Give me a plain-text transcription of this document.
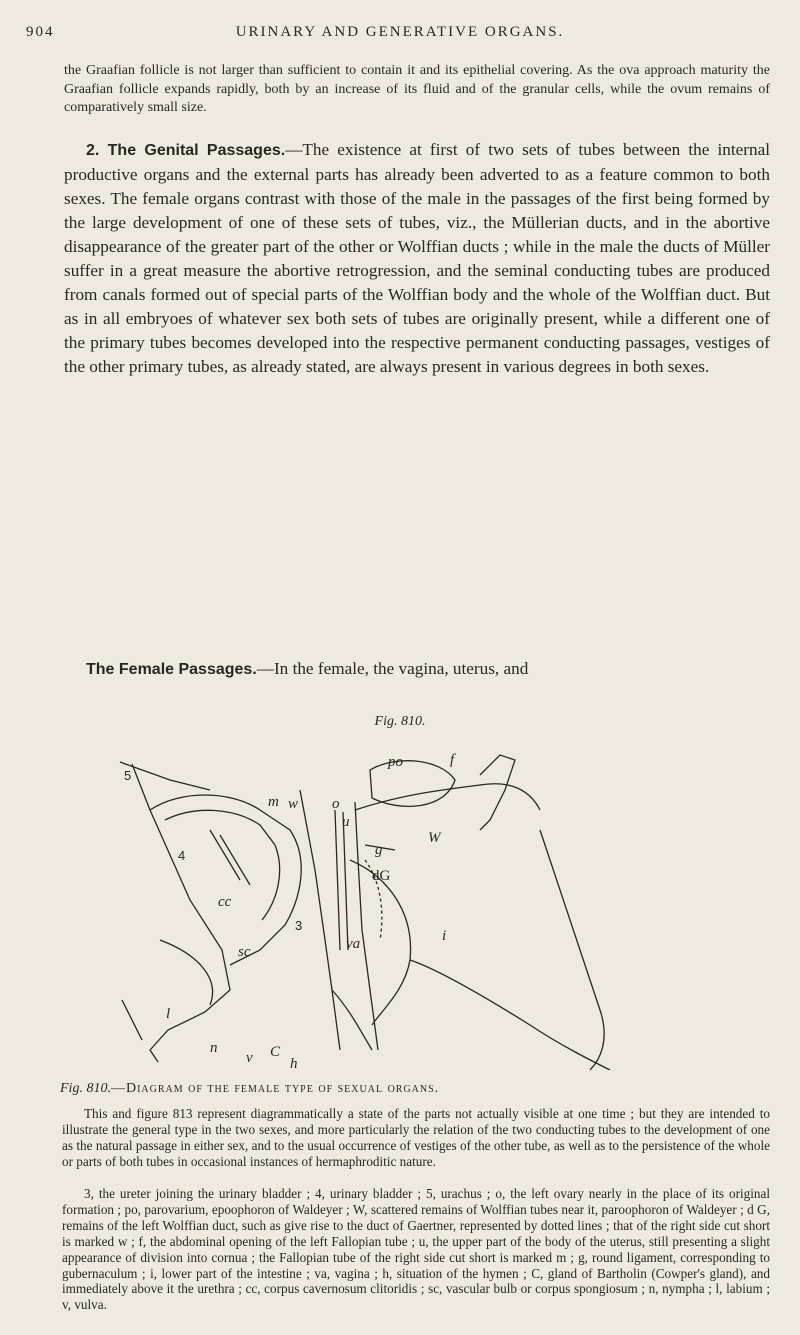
904	URINARY AND GENERATIVE ORGANS.

the Graafian follicle is not larger than sufficient to contain it and its epithelial covering. As the ova approach maturity the Graafian follicle expands rapidly, both by an increase of its fluid and of the granular cells, while the ovum remains of comparatively small size.

2. The Genital Passages.—The existence at first of two sets of tubes between the internal productive organs and the external parts has already been adverted to as a feature common to both sexes. The female organs contrast with those of the male in the passages of the first being formed by the large development of one of these sets of tubes, viz., the Müllerian ducts, and in the abortive disappearance of the greater part of the other or Wolffian ducts ; while in the male the ducts of Müller suffer in a great measure the abortive retrogression, and the seminal conducting tubes are produced from canals formed out of special parts of the Wolffian body and the whole of the Wolffian duct. But as in all embryoes of whatever sex both sets of tubes are originally present, while a different one of the primary tubes becomes developed into the respective permanent conducting passages, vestiges of the other primary tubes, as already stated, are always present in various degrees in both sexes.

The Female Passages.—In the female, the vagina, uterus, and

Fig. 810.
po	f
5
o
m w
u
W
4	g
dG
cc
3
i
va
sc
l
n
v C
h
Fig. 810.—Diagram of the female type of sexual organs.

This and figure 813 represent diagrammatically a state of the parts not actually visible at one time ; but they are intended to illustrate the general type in the two sexes, and more particularly the relation of the two conducting tubes to the development of one as the natural passage in either sex, and to the usual occurrence of vestiges of the other tube, as well as to the persistence of the whole or parts of both tubes in occasional instances of hermaphroditic nature.

3, the ureter joining the urinary bladder ; 4, urinary bladder ; 5, urachus ; o, the left ovary nearly in the place of its original formation ; po, parovarium, epoophoron of Waldeyer ; W, scattered remains of Wolffian tubes near it, paroophoron of Waldeyer ; d G, remains of the left Wolffian duct, such as give rise to the duct of Gaertner, represented by dotted lines ; that of the right side cut short is marked w ; f, the abdominal opening of the left Fallopian tube ; u, the upper part of the body of the uterus, still presenting a slight appearance of division into cornua ; the Fallopian tube of the right side cut short is marked m ; g, round ligament, corresponding to gubernaculum ; i, lower part of the intestine ; va, vagina ; h, situation of the hymen ; C, gland of Bartholin (Cowper's gland), and immediately above it the urethra ; cc, corpus cavernosum clitoridis ; sc, vascular bulb or corpus spongiosum ; n, nympha ; l, labium ; v, vulva.
